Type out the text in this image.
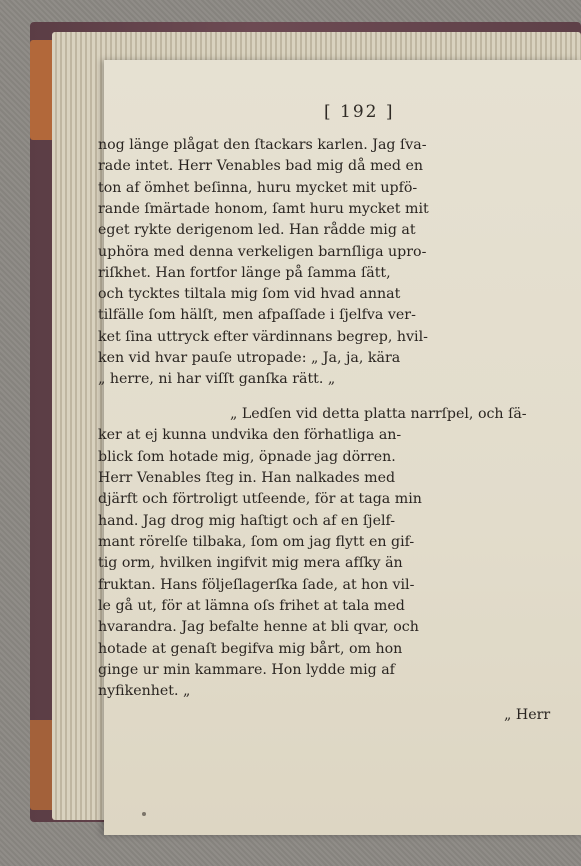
[ 192 ]
nog länge plågat den ſtackars karlen. Jag ſva-
rade intet. Herr Venables bad mig då med en
ton af ömhet beſinna, huru mycket mit upfö-
rande ſmärtade honom, ſamt huru mycket mit
eget rykte derigenom led. Han rådde mig at
uphöra med denna verkeligen barnſliga upro-
riſkhet. Han fortfor länge på ſamma ſätt,
och tycktes tiltala mig ſom vid hvad annat
tilfälle ſom hälſt, men afpaſſade i ſjelfva ver-
ket ſina uttryck efter värdinnans begrep, hvil-
ken vid hvar pauſe utropade: „ Ja, ja, kära
„ herre, ni har viſſt ganſka rätt. „
„ Ledſen vid detta platta narrſpel, och ſä-
ker at ej kunna undvika den förhatliga an-
blick ſom hotade mig, öpnade jag dörren.
Herr Venables ſteg in. Han nalkades med
djärft och förtroligt utſeende, för at taga min
hand. Jag drog mig haſtigt och af en ſjelf-
mant rörelſe tilbaka, ſom om jag flytt en gif-
tig orm, hvilken ingifvit mig mera afſky än
fruktan. Hans följeſlagerſka ſade, at hon vil-
le gå ut, för at lämna oſs frihet at tala med
hvarandra. Jag befalte henne at bli qvar, och
hotade at genaſt begifva mig bårt, om hon
ginge ur min kammare. Hon lydde mig af
nyfikenhet. „
„ Herr
